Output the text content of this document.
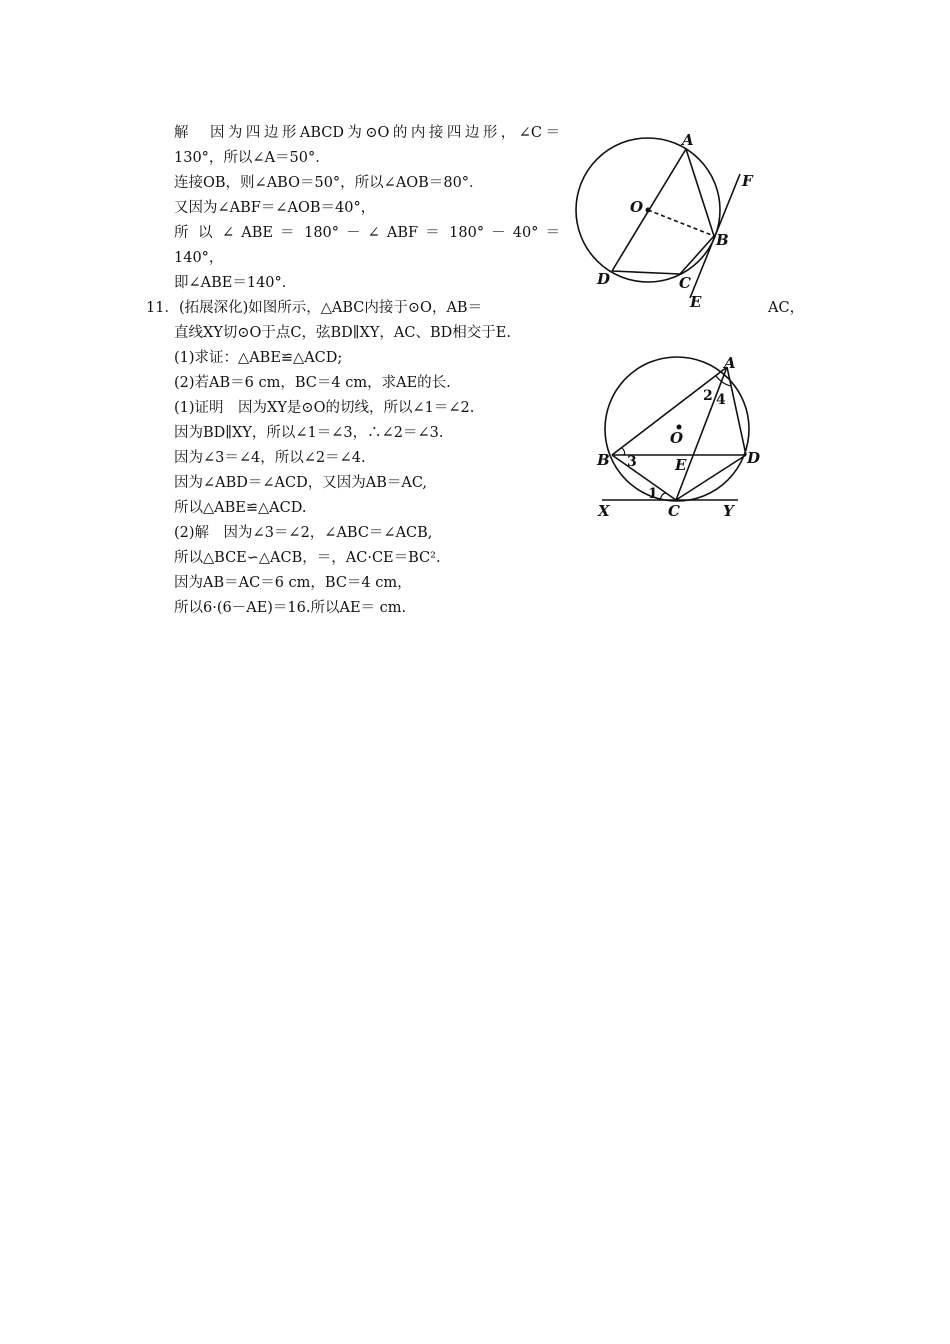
解　因为四边形ABCD为⊙O的内接四边形，∠C＝
130°，所以∠A＝50°．
连接OB，则∠ABO＝50°，所以∠AOB＝80°．
又因为∠ABF＝∠AOB＝40°，
所 以 ∠ ABE ＝ 180° － ∠ ABF ＝ 180° － 40° ＝
140°，
即∠ABE＝140°．
11．(拓展深化)如图所示，△ABC内接于⊙O，AB＝	AC，
直线XY切⊙O于点C，弦BD∥XY，AC、BD相交于E.
(1)求证：△ABE≌△ACD;
(2)若AB＝6 cm，BC＝4 cm，求AE的长.
(1)证明　因为XY是⊙O的切线，所以∠1＝∠2.
因为BD∥XY，所以∠1＝∠3，∴∠2＝∠3.
因为∠3＝∠4，所以∠2＝∠4.
因为∠ABD＝∠ACD，又因为AB＝AC,
所以△ABE≌△ACD.
(2)解　因为∠3＝∠2，∠ABC＝∠ACB,
所以△BCE∽△ACB，＝，AC·CE＝BC².
因为AB＝AC＝6 cm，BC＝4 cm，
所以6·(6－AE)＝16.所以AE＝ cm.
A
B
C
D
E
F
O
A
B
C
D
E
O
X	Y
1
2
3
4
